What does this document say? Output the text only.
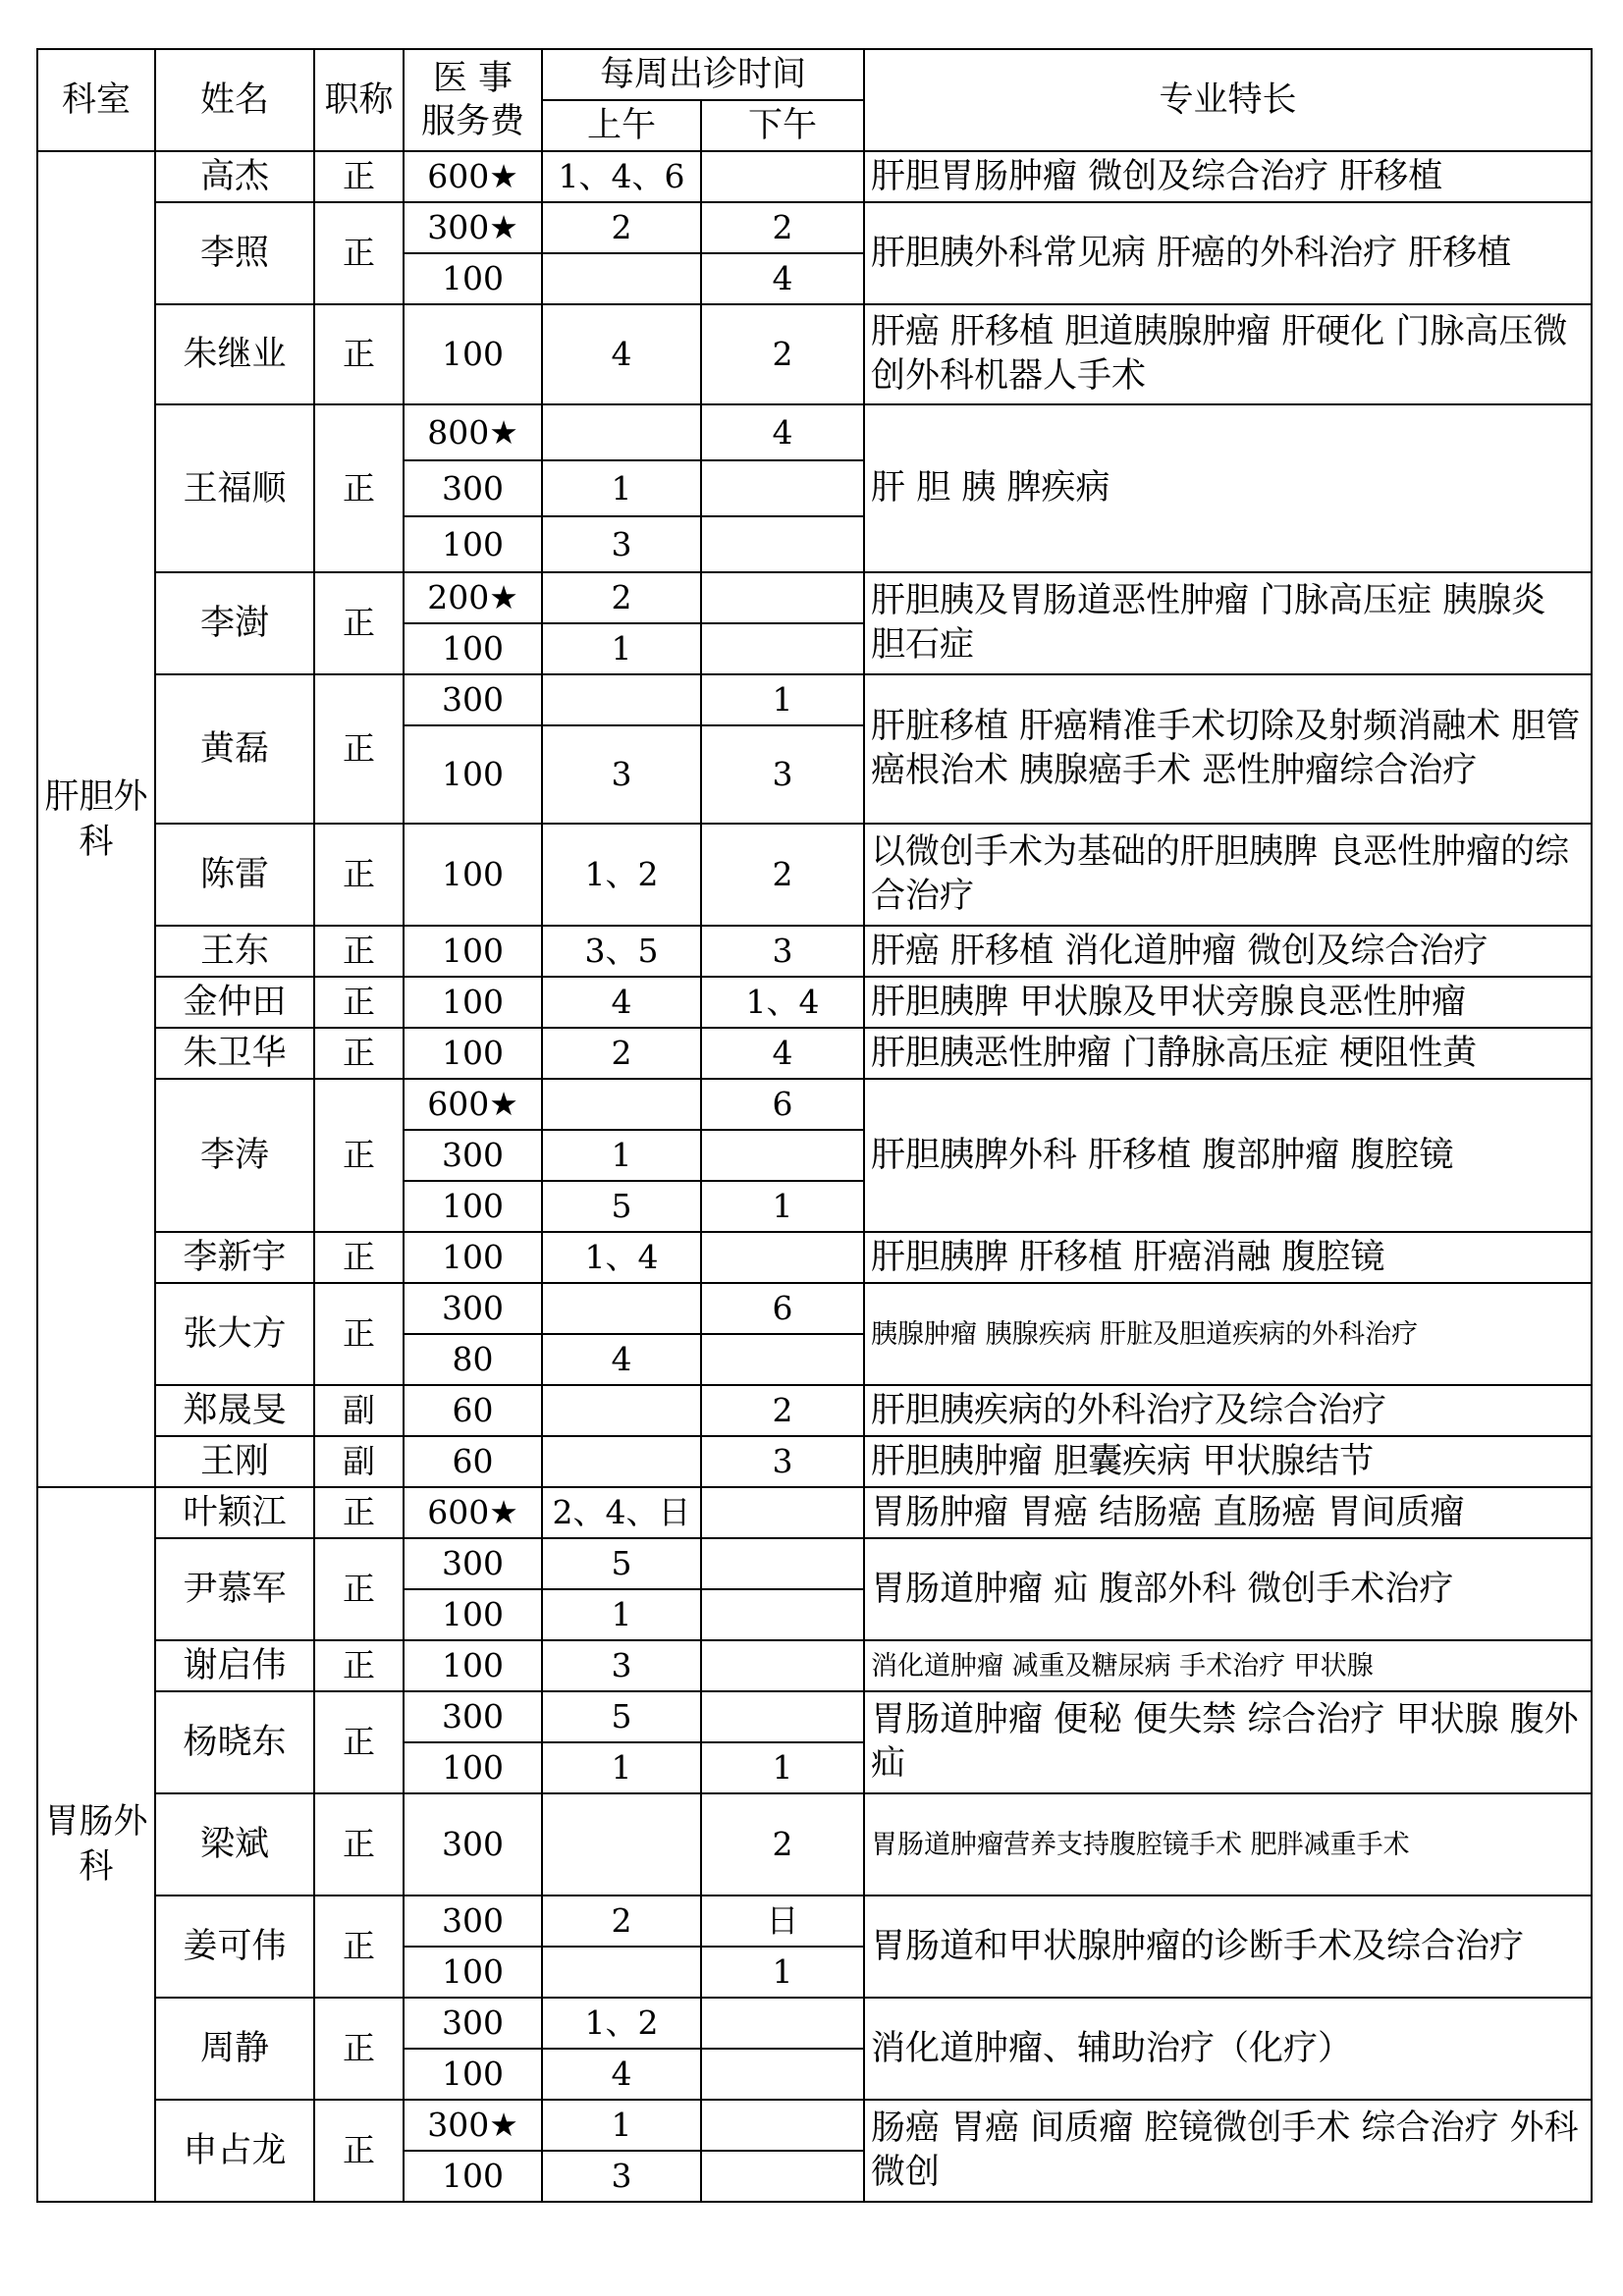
科室	姓名	职称	医 事
服务费	每周出诊时间		专业特长
				上午	下午	
肝胆外科	高杰	正	600★	1、4、6		肝胆胃肠肿瘤 微创及综合治疗 肝移植
	李照	正	300★	2	2	肝胆胰外科常见病 肝癌的外科治疗 肝移植
			100		4	
	朱继业	正	100	4	2	肝癌 肝移植 胆道胰腺肿瘤 肝硬化 门脉高压微创外科机器人手术
	王福顺	正	800★		4	肝 胆 胰 脾疾病
			300	1		
			100	3		
	李澍	正	200★	2		肝胆胰及胃肠道恶性肿瘤 门脉高压症 胰腺炎 胆石症
			100	1		
	黄磊	正	300		1	肝脏移植 肝癌精准手术切除及射频消融术 胆管癌根治术 胰腺癌手术 恶性肿瘤综合治疗
			100	3	3	
	陈雷	正	100	1、2	2	以微创手术为基础的肝胆胰脾 良恶性肿瘤的综合治疗
	王东	正	100	3、5	3	肝癌 肝移植 消化道肿瘤 微创及综合治疗
	金仲田	正	100	4	1、4	肝胆胰脾 甲状腺及甲状旁腺良恶性肿瘤
	朱卫华	正	100	2	4	肝胆胰恶性肿瘤 门静脉高压症 梗阻性黄
	李涛	正	600★		6	肝胆胰脾外科 肝移植 腹部肿瘤 腹腔镜
			300	1		
			100	5	1	
	李新宇	正	100	1、4		肝胆胰脾 肝移植 肝癌消融 腹腔镜
	张大方	正	300		6	胰腺肿瘤 胰腺疾病 肝脏及胆道疾病的外科治疗
			80	4		
	郑晟旻	副	60		2	肝胆胰疾病的外科治疗及综合治疗
	王刚	副	60		3	肝胆胰肿瘤 胆囊疾病 甲状腺结节
胃肠外科	叶颖江	正	600★	2、4、日		胃肠肿瘤 胃癌 结肠癌 直肠癌 胃间质瘤
	尹慕军	正	300	5		胃肠道肿瘤 疝 腹部外科 微创手术治疗
			100	1		
	谢启伟	正	100	3		消化道肿瘤 减重及糖尿病 手术治疗 甲状腺
	杨晓东	正	300	5		胃肠道肿瘤 便秘 便失禁 综合治疗 甲状腺 腹外疝
			100	1	1	
	梁斌	正	300		2	胃肠道肿瘤营养支持腹腔镜手术 肥胖减重手术
	姜可伟	正	300	2	日	胃肠道和甲状腺肿瘤的诊断手术及综合治疗
			100		1	
	周静	正	300	1、2		消化道肿瘤、辅助治疗（化疗）
			100	4		
	申占龙	正	300★	1		肠癌 胃癌 间质瘤 腔镜微创手术 综合治疗 外科微创
			100	3		
